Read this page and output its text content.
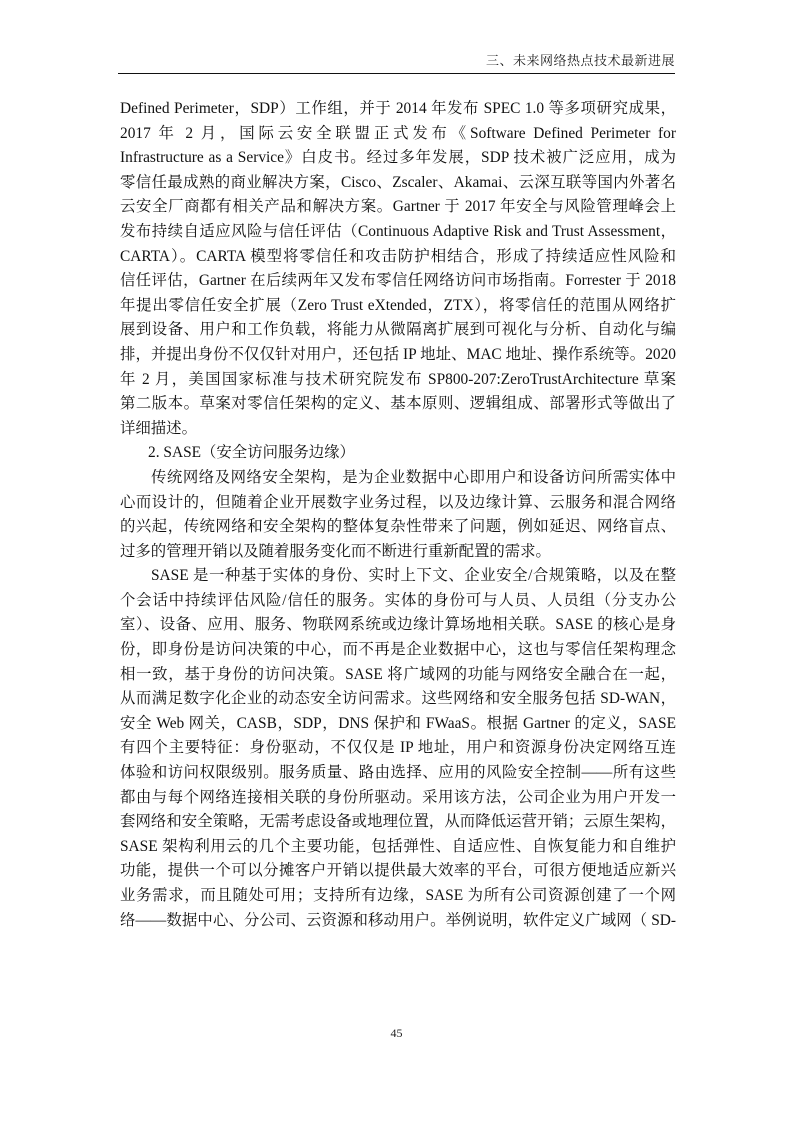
三、未来网络热点技术最新进展
Defined Perimeter，SDP）工作组，并于 2014 年发布 SPEC 1.0 等多项研究成果，
2017 年 2 月，国际云安全联盟正式发布《Software Defined Perimeter for
Infrastructure as a Service》白皮书。经过多年发展，SDP 技术被广泛应用，成为
零信任最成熟的商业解决方案，Cisco、Zscaler、Akamai、云深互联等国内外著名
云安全厂商都有相关产品和解决方案。Gartner 于 2017 年安全与风险管理峰会上
发布持续自适应风险与信任评估（Continuous Adaptive Risk and Trust Assessment，
CARTA）。CARTA 模型将零信任和攻击防护相结合，形成了持续适应性风险和
信任评估，Gartner 在后续两年又发布零信任网络访问市场指南。Forrester 于 2018
年提出零信任安全扩展（Zero Trust eXtended，ZTX），将零信任的范围从网络扩
展到设备、用户和工作负载，将能力从微隔离扩展到可视化与分析、自动化与编
排，并提出身份不仅仅针对用户，还包括 IP 地址、MAC 地址、操作系统等。2020
年 2 月，美国国家标准与技术研究院发布 SP800-207:ZeroTrustArchitecture 草案
第二版本。草案对零信任架构的定义、基本原则、逻辑组成、部署形式等做出了
详细描述。
2. SASE（安全访问服务边缘）
传统网络及网络安全架构，是为企业数据中心即用户和设备访问所需实体中
心而设计的，但随着企业开展数字业务过程，以及边缘计算、云服务和混合网络
的兴起，传统网络和安全架构的整体复杂性带来了问题，例如延迟、网络盲点、
过多的管理开销以及随着服务变化而不断进行重新配置的需求。
SASE 是一种基于实体的身份、实时上下文、企业安全/合规策略，以及在整
个会话中持续评估风险/信任的服务。实体的身份可与人员、人员组（分支办公
室）、设备、应用、服务、物联网系统或边缘计算场地相关联。SASE 的核心是身
份，即身份是访问决策的中心，而不再是企业数据中心，这也与零信任架构理念
相一致，基于身份的访问决策。SASE 将广域网的功能与网络安全融合在一起，
从而满足数字化企业的动态安全访问需求。这些网络和安全服务包括 SD-WAN，
安全 Web 网关，CASB，SDP，DNS 保护和 FWaaS。根据 Gartner 的定义，SASE
有四个主要特征：身份驱动，不仅仅是 IP 地址，用户和资源身份决定网络互连
体验和访问权限级别。服务质量、路由选择、应用的风险安全控制——所有这些
都由与每个网络连接相关联的身份所驱动。采用该方法，公司企业为用户开发一
套网络和安全策略，无需考虑设备或地理位置，从而降低运营开销；云原生架构，
SASE 架构利用云的几个主要功能，包括弹性、自适应性、自恢复能力和自维护
功能，提供一个可以分摊客户开销以提供最大效率的平台，可很方便地适应新兴
业务需求，而且随处可用；支持所有边缘，SASE 为所有公司资源创建了一个网
络——数据中心、分公司、云资源和移动用户。举例说明，软件定义广域网（ SD-
45
